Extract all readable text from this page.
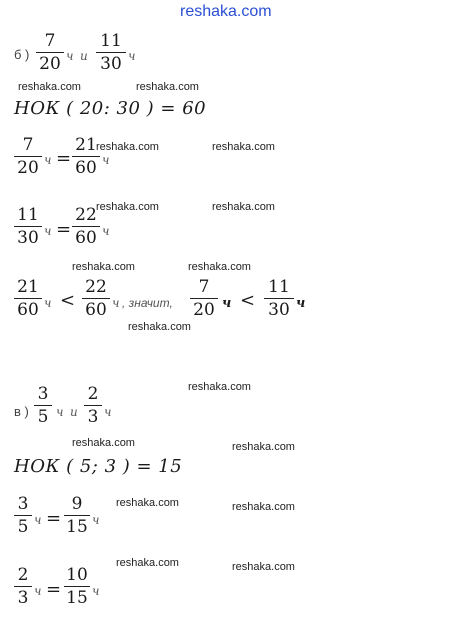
reshaka.com
б )
7
20 ч и
11
30 ч
reshaka.com	reshaka.com
НОК ( 20: 30 ) = 60
7
20 ч =
21
60 ч
reshaka.com	reshaka.com
11
30 ч =
22
60 ч
reshaka.com	reshaka.com
reshaka.com	reshaka.com
21
60 ч <
22
60 ч , значит,
7
20 ч <
11
30 ч
reshaka.com
reshaka.com
в )
3
5 ч и
2
3 ч
reshaka.com	reshaka.com
НОК ( 5; 3 ) = 15
3
5 ч =
9
15 ч
reshaka.com	reshaka.com
2
3 ч =
10
15 ч
reshaka.com	reshaka.com
